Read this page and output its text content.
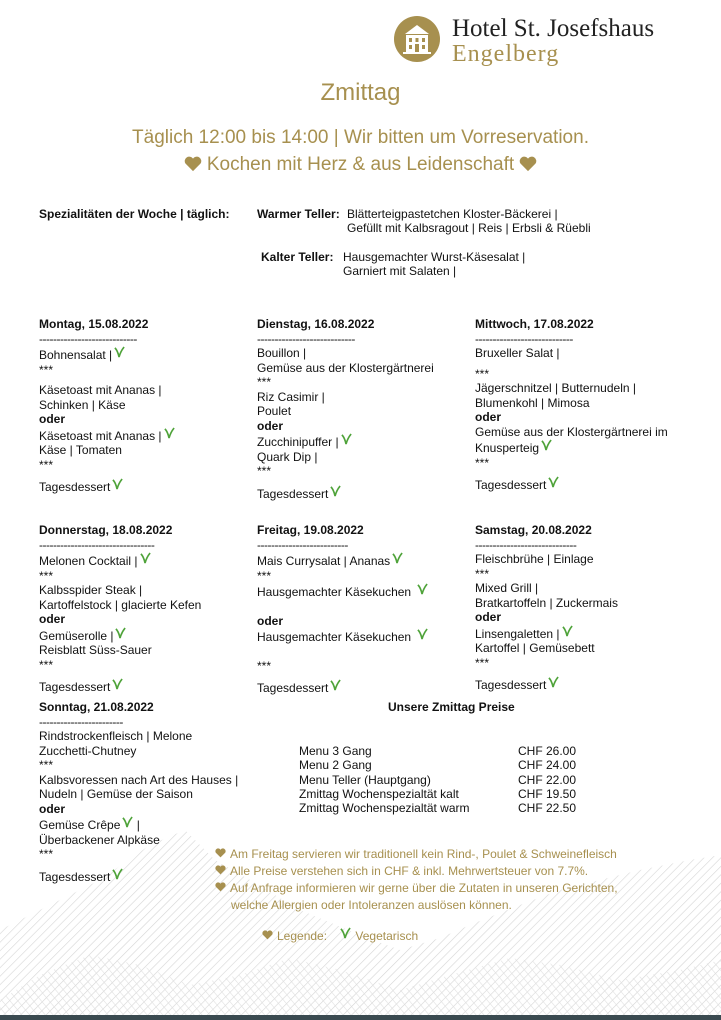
Hotel St. Josefshaus
Engelberg
Zmittag
Täglich 12:00 bis 14:00 | Wir bitten um Vorreservation.
Kochen mit Herz & aus Leidenschaft
Spezialitäten der Woche | täglich: Warmer Teller: Blätterteigpastetchen Kloster-Bäckerei |
Gefüllt mit Kalbsragout | Reis | Erbsli & Rüebli
Kalter Teller: Hausgemachter Wurst-Käsesalat |
Garniert mit Salaten |
Montag, 15.08.2022
----------------------------
Bohnensalat |
***
Käsetoast mit Ananas |
Schinken | Käse
oder
Käsetoast mit Ananas |
Käse | Tomaten
***
Tagesdessert
Dienstag, 16.08.2022
----------------------------
Bouillon |
Gemüse aus der Klostergärtnerei
***
Riz Casimir |
Poulet
oder
Zucchinipuffer |
Quark Dip |
***
Tagesdessert
Mittwoch, 17.08.2022
----------------------------
Bruxeller Salat |
***
Jägerschnitzel | Butternudeln |
Blumenkohl | Mimosa
oder
Gemüse aus der Klostergärtnerei im
Knusperteig
***
Tagesdessert
Donnerstag, 18.08.2022
---------------------------------
Melonen Cocktail |
***
Kalbsspider Steak |
Kartoffelstock | glacierte Kefen
oder
Gemüserolle |
Reisblatt Süss-Sauer
***
Tagesdessert
Freitag, 19.08.2022
--------------------------
Mais Currysalat | Ananas
***
Hausgemachter Käsekuchen
oder
Hausgemachter Käsekuchen
***
Tagesdessert
Samstag, 20.08.2022
-----------------------------
Fleischbrühe | Einlage
***
Mixed Grill |
Bratkartoffeln | Zuckermais
oder
Linsengaletten |
Kartoffel | Gemüsebett
***
Tagesdessert
Sonntag, 21.08.2022
------------------------
Rindstrockenfleisch | Melone
Zucchetti-Chutney
***
Kalbsvoressen nach Art des Hauses |
Nudeln | Gemüse der Saison
oder
Gemüse Crêpe |
Überbackener Alpkäse
***
Tagesdessert
Unsere Zmittag Preise
Menu 3 Gang	CHF 26.00
Menu 2 Gang	CHF 24.00
Menu Teller (Hauptgang)	CHF 22.00
Zmittag Wochenspezialtät kalt	CHF 19.50
Zmittag Wochenspezialtät warm	CHF 22.50
Am Freitag servieren wir traditionell kein Rind-, Poulet & Schweinefleisch
Alle Preise verstehen sich in CHF & inkl. Mehrwertsteuer von 7.7%.
Auf Anfrage informieren wir gerne über die Zutaten in unseren Gerichten,
welche Allergien oder Intoleranzen auslösen können.
Legende: Vegetarisch
